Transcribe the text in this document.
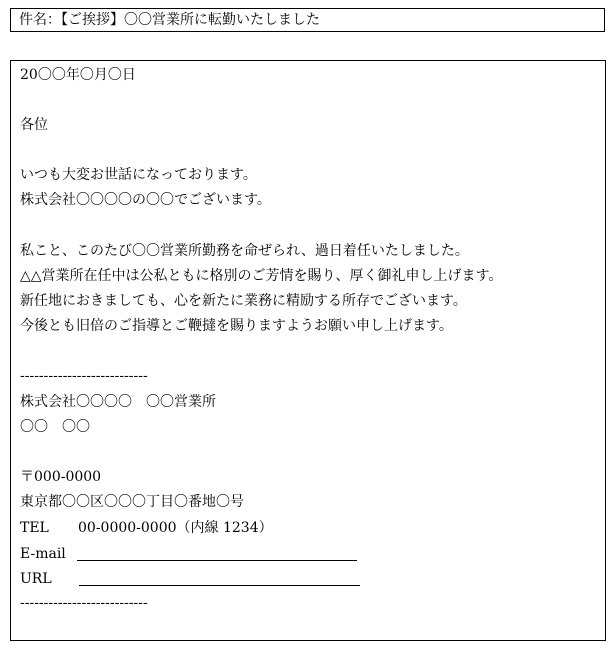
件名：【ご挨拶】〇〇営業所に転勤いたしました
20〇〇年〇月〇日
各位
いつも大変お世話になっております。
株式会社〇〇〇〇の〇〇でございます。
私こと、このたび〇〇営業所勤務を命ぜられ、過日着任いたしました。
△△営業所在任中は公私ともに格別のご芳情を賜り、厚く御礼申し上げます。
新任地におきましても、心を新たに業務に精励する所存でございます。
今後とも旧倍のご指導とご鞭撻を賜りますようお願い申し上げます。
---------------------------
株式会社〇〇〇〇　〇〇営業所
〇〇　〇〇
〒000-0000
東京都〇〇区〇〇〇丁目〇番地〇号
TEL 00-0000-0000（内線 1234）
E-mail
URL
---------------------------
